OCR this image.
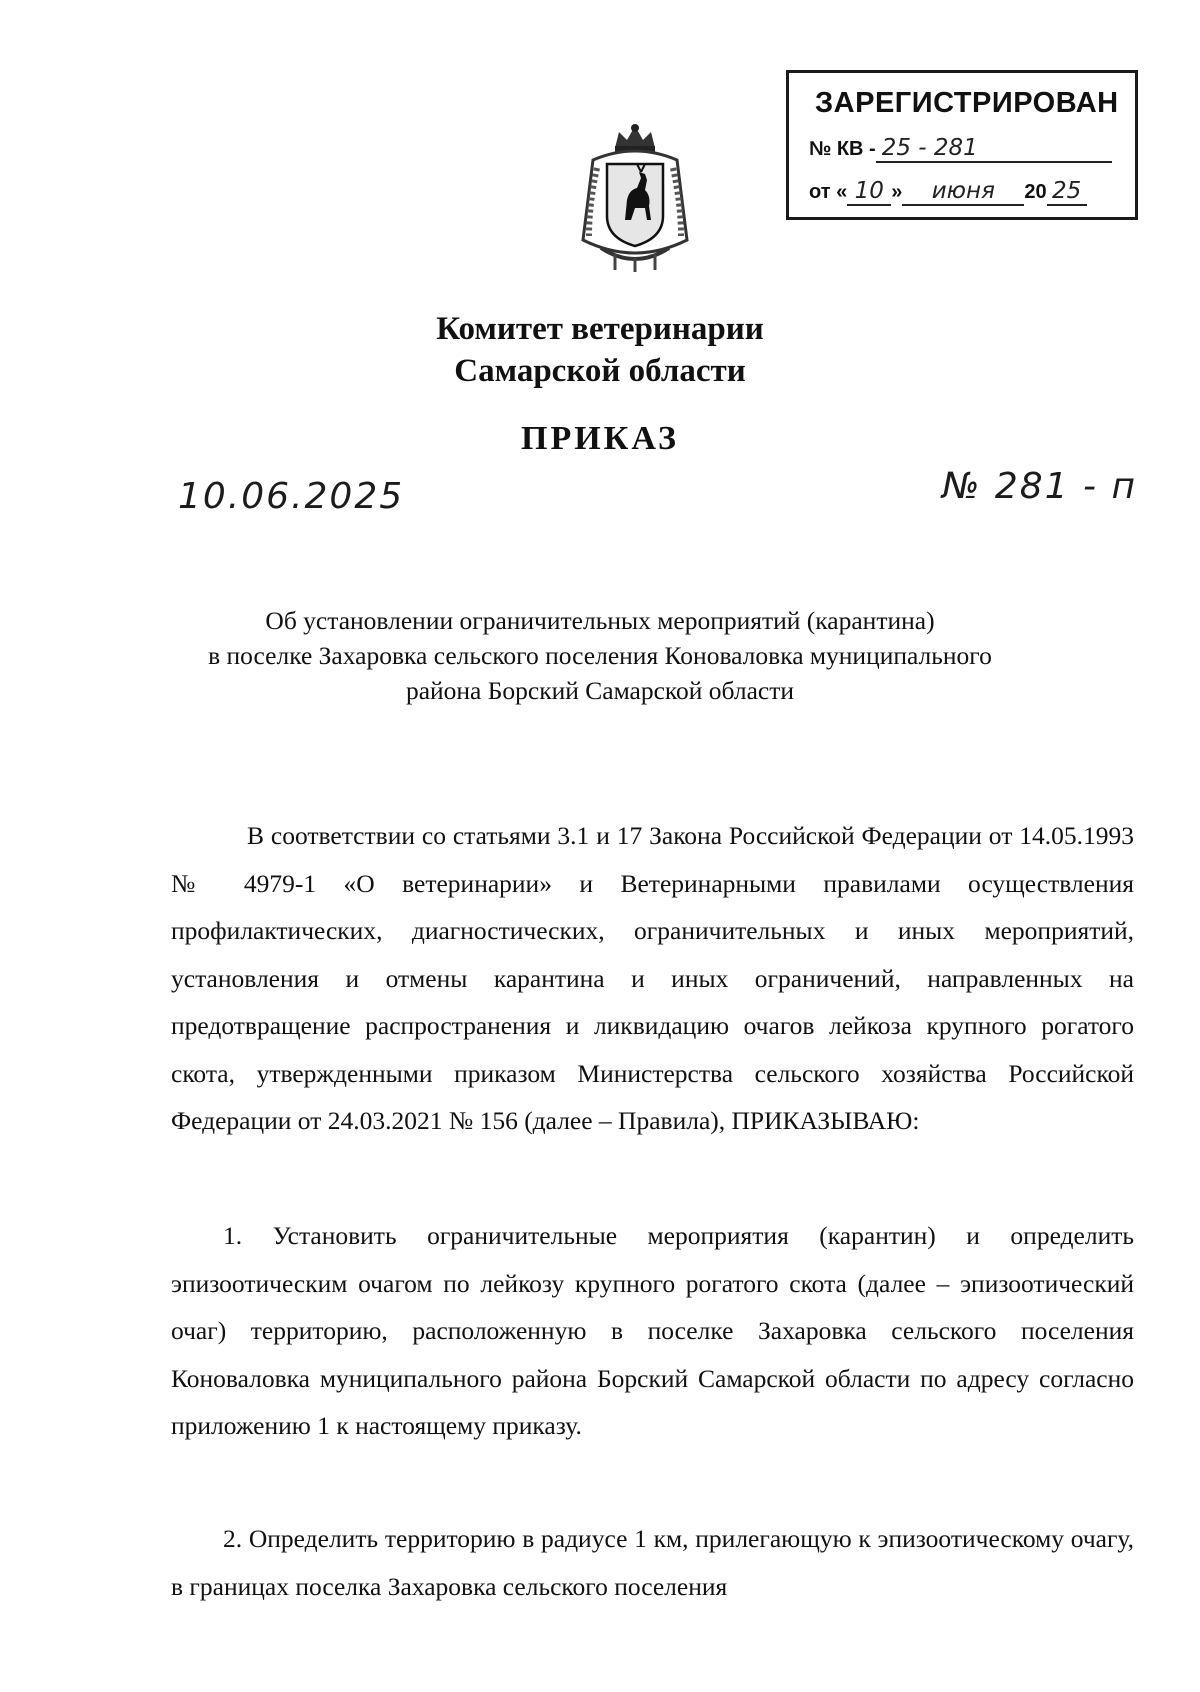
ЗАРЕГИСТРИРОВАН
№ КВ - 25 - 281
от « 10 » июня 20 25
Комитет ветеринарии
Самарской области
ПРИКАЗ
10.06.2025	№ 281 - п
Об установлении ограничительных мероприятий (карантина)
в поселке Захаровка сельского поселения Коноваловка муниципального
района Борский Самарской области

В соответствии со статьями 3.1 и 17 Закона Российской Федерации от 14.05.1993 № 4979-1 «О ветеринарии» и Ветеринарными правилами осуществления профилактических, диагностических, ограничительных и иных мероприятий, установления и отмены карантина и иных ограничений, направленных на предотвращение распространения и ликвидацию очагов лейкоза крупного рогатого скота, утвержденными приказом Министерства сельского хозяйства Российской Федерации от 24.03.2021 № 156 (далее – Правила), ПРИКАЗЫВАЮ:

1. Установить ограничительные мероприятия (карантин) и определить эпизоотическим очагом по лейкозу крупного рогатого скота (далее – эпизоотический очаг) территорию, расположенную в поселке Захаровка сельского поселения Коноваловка муниципального района Борский Самарской области по адресу согласно приложению 1 к настоящему приказу.

2. Определить территорию в радиусе 1 км, прилегающую к эпизоотическому очагу, в границах поселка Захаровка сельского поселения
